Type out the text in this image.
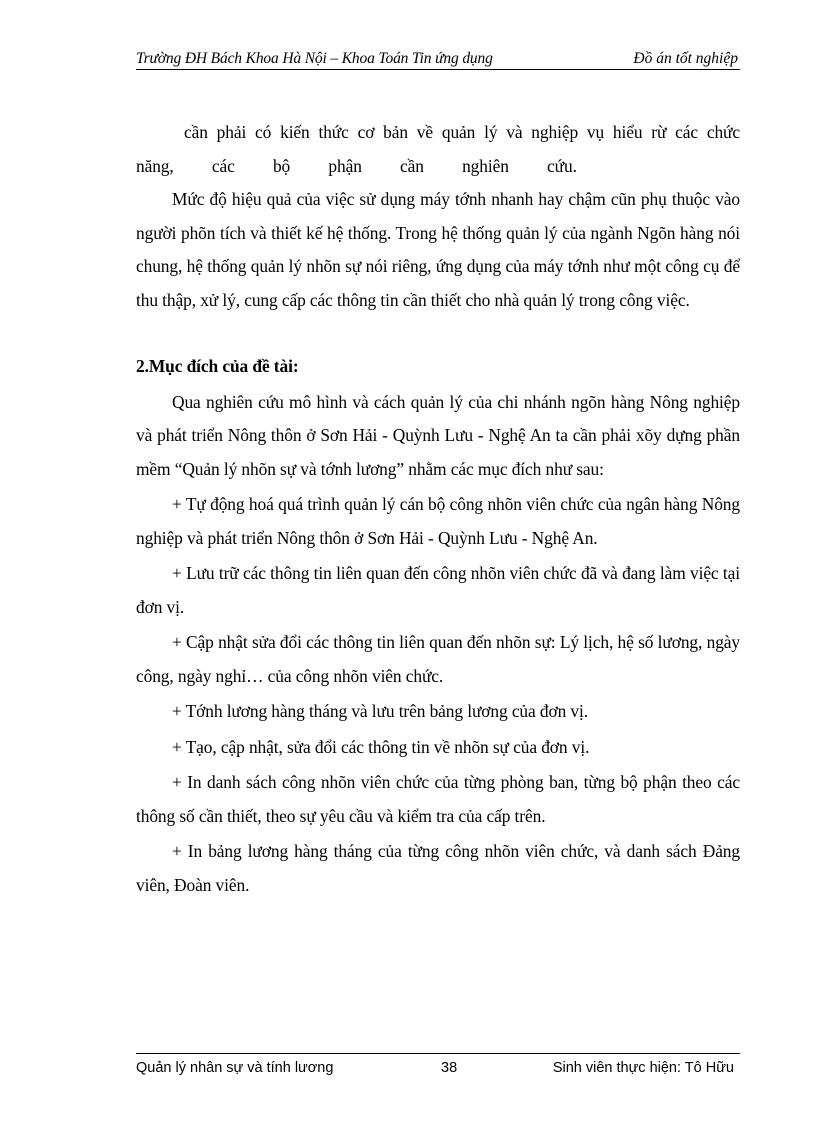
Trường ĐH Bách Khoa Hà Nội – Khoa Toán Tin ứng dụng	Đồ án tốt nghiệp

cần phải có kiến thức cơ bản về quản lý và nghiệp vụ hiểu rừ các chức

năng,         các         bộ         phận         cần         nghiên         cứu.

Mức độ hiệu quả của việc sử dụng máy tớnh nhanh hay chậm cũn phụ thuộc vào người phõn tích và thiết kế hệ thống. Trong hệ thống quản lý của ngành Ngõn hàng nói chung, hệ thống quản lý nhõn sự nói riêng, ứng dụng của máy tớnh như một công cụ để thu thập, xử lý, cung cấp các thông tin cần thiết cho nhà quản lý trong công việc.

2.Mục đích của đề tài:

Qua nghiên cứu mô hình và cách quản lý của chi nhánh ngõn hàng Nông nghiệp và phát triển Nông thôn ở Sơn Hải - Quỳnh Lưu - Nghệ An ta cần phải xõy dựng phần mềm “Quản lý nhõn sự và tớnh lương” nhằm các mục đích như sau:

+ Tự động hoá quá trình quản lý cán bộ công nhõn viên chức của ngân hàng Nông nghiệp và phát triển Nông thôn ở Sơn Hải - Quỳnh Lưu - Nghệ An.

+ Lưu trữ các thông tin liên quan đến công nhõn viên chức đã và đang làm việc tại đơn vị.

+ Cập nhật sửa đổi các thông tin liên quan đến nhõn sự: Lý lịch, hệ số lương, ngày công, ngày nghỉ… của công nhõn viên chức.

+ Tớnh lương hàng tháng và lưu trên bảng lương của đơn vị.

+ Tạo, cập nhật, sửa đổi các thông tin về nhõn sự của đơn vị.

+ In danh sách công nhõn viên chức của từng phòng ban, từng bộ phận theo các thông số cần thiết, theo sự yêu cầu và kiểm tra của cấp trên.

+ In bảng lương hàng tháng của từng công nhõn viên chức, và danh sách Đảng viên, Đoàn viên.

Quản lý nhân sự và tính lương	38	Sinh viên thực hiện: Tô Hữu
